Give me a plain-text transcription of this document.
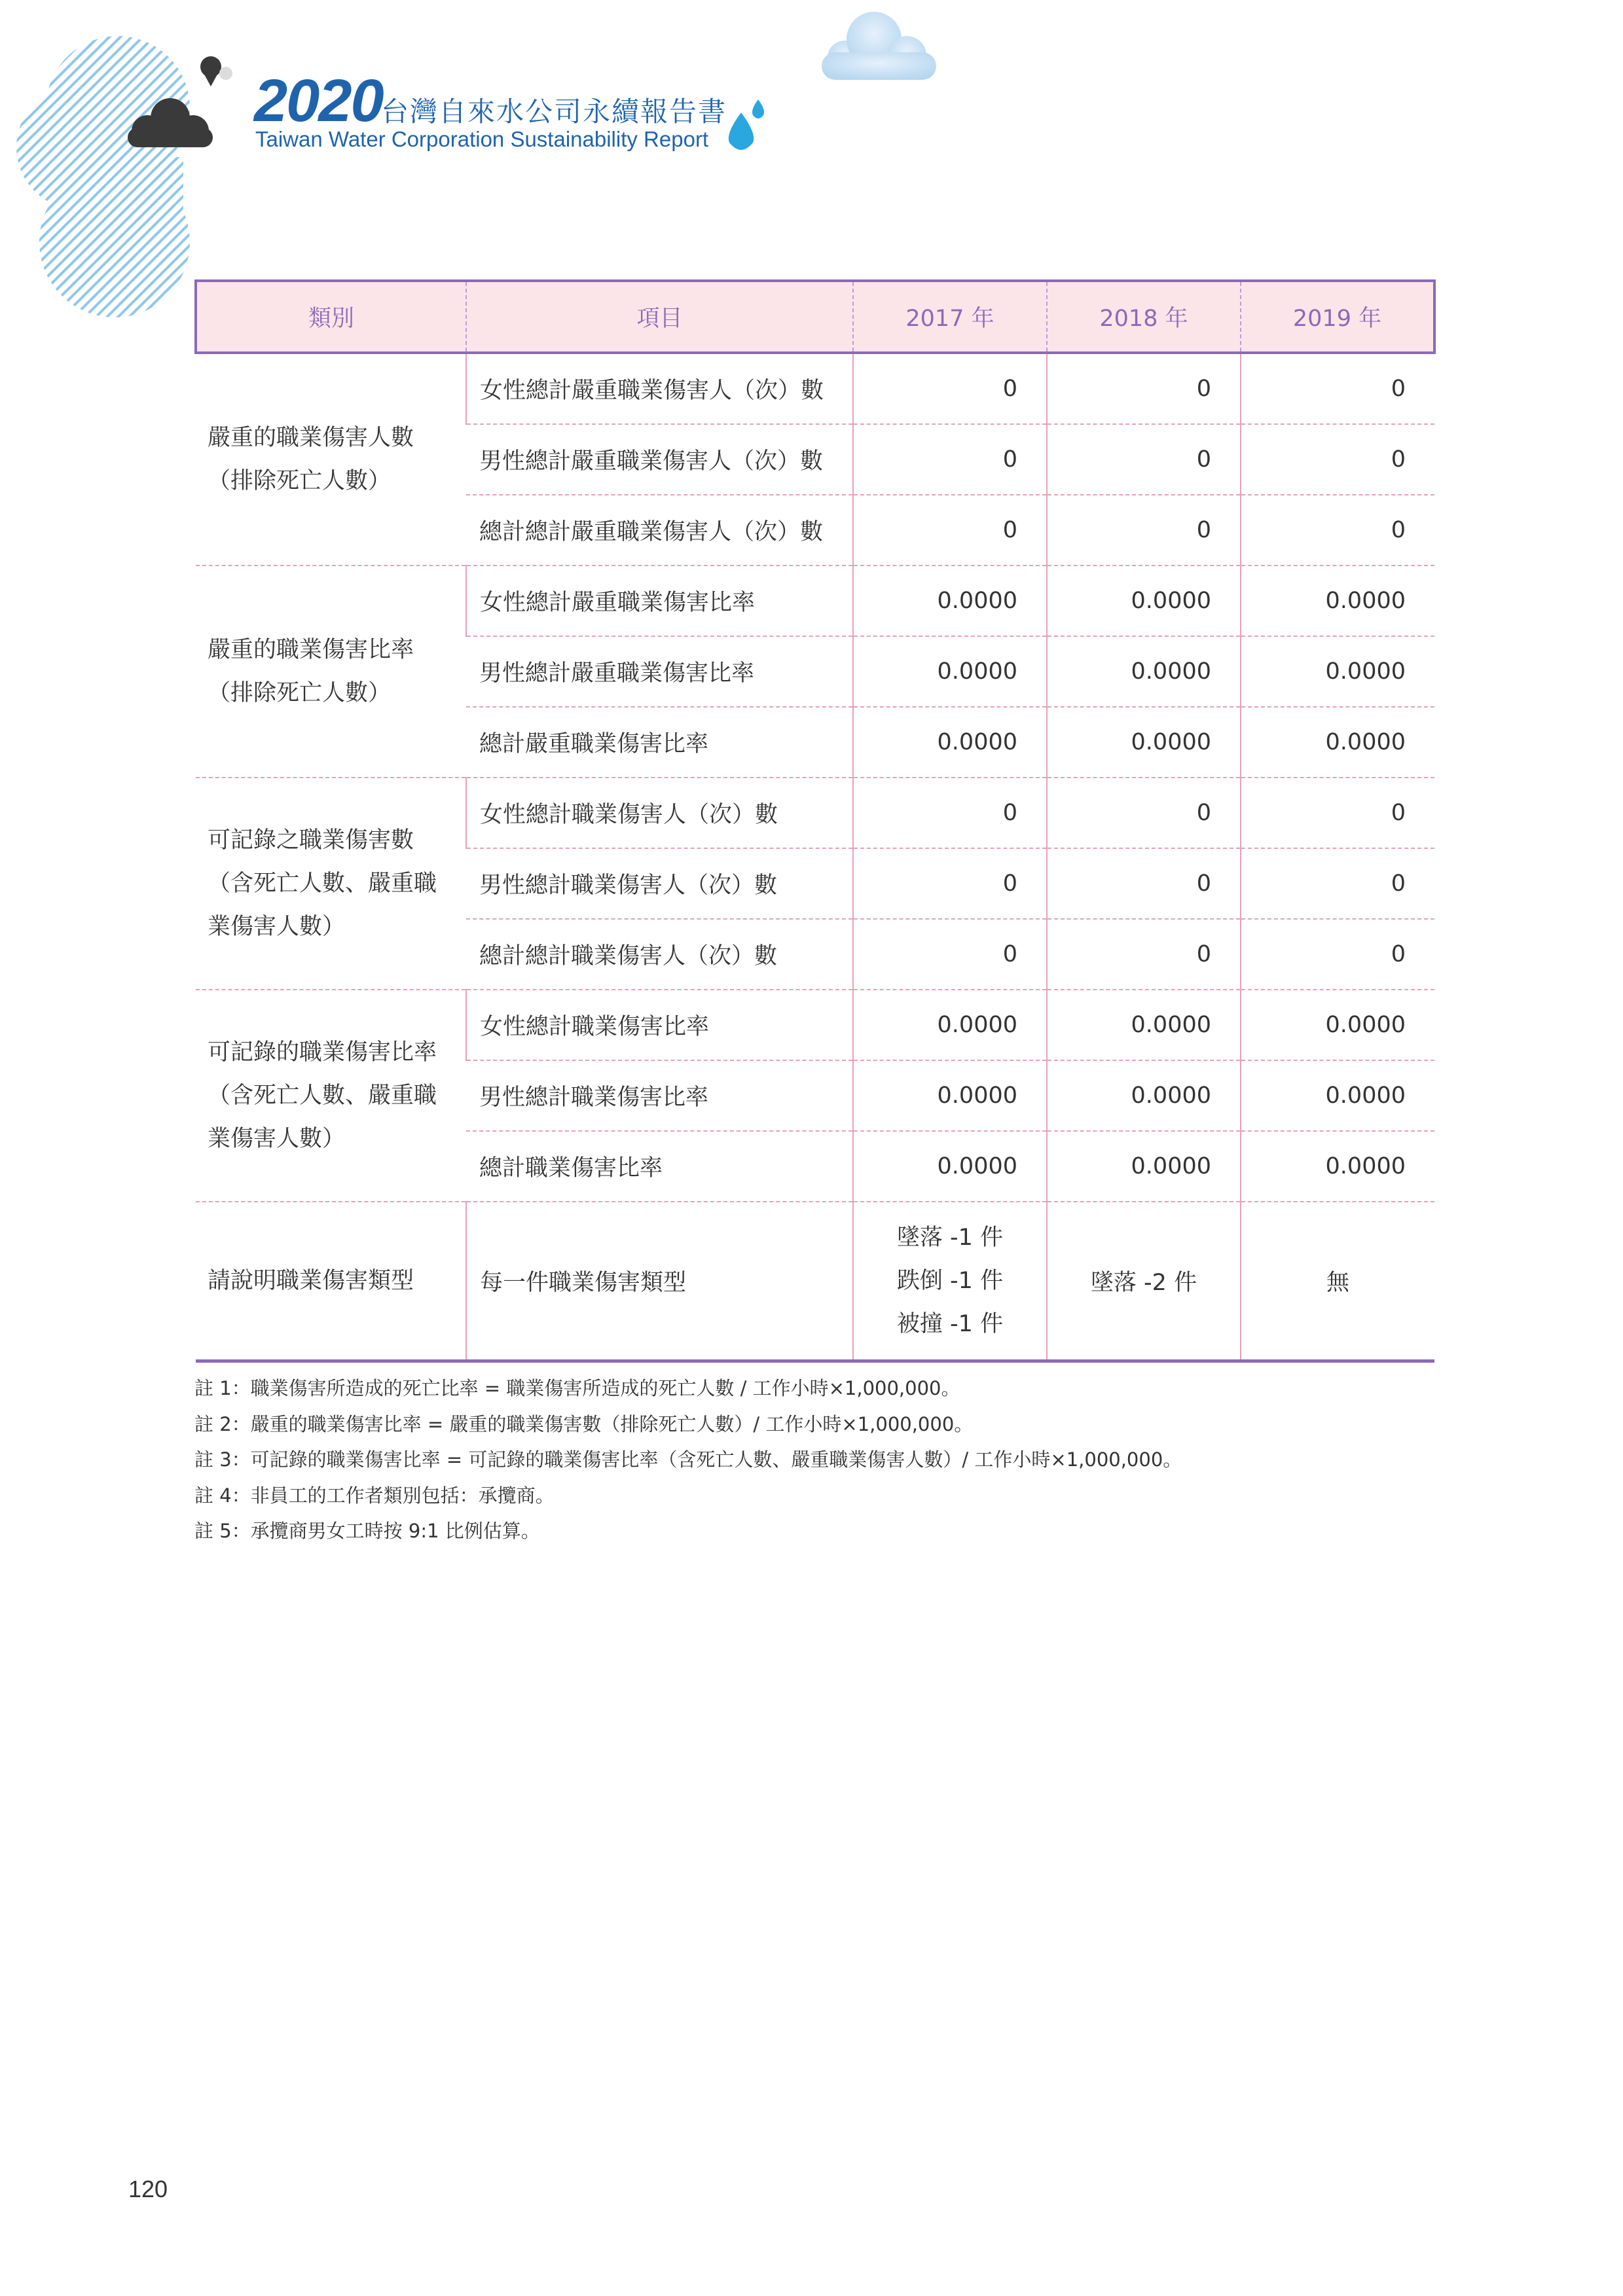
2020
台灣自來水公司永續報告書
Taiwan Water Corporation Sustainability Report
類別	項目	2017 年	2018 年	2019 年
嚴重的職業傷害人數（排除死亡人數）	女性總計嚴重職業傷害人（次）數	0	0	0
	男性總計嚴重職業傷害人（次）數	0	0	0
	總計總計嚴重職業傷害人（次）數	0	0	0
嚴重的職業傷害比率（排除死亡人數）	女性總計嚴重職業傷害比率	0.0000	0.0000	0.0000
	男性總計嚴重職業傷害比率	0.0000	0.0000	0.0000
	總計嚴重職業傷害比率	0.0000	0.0000	0.0000
可記錄之職業傷害數（含死亡人數、嚴重職業傷害人數）	女性總計職業傷害人（次）數	0	0	0
	男性總計職業傷害人（次）數	0	0	0
	總計總計職業傷害人（次）數	0	0	0
可記錄的職業傷害比率（含死亡人數、嚴重職業傷害人數）	女性總計職業傷害比率	0.0000	0.0000	0.0000
	男性總計職業傷害比率	0.0000	0.0000	0.0000
	總計職業傷害比率	0.0000	0.0000	0.0000
請說明職業傷害類型	每一件職業傷害類型	墜落 -1 件
跌倒 -1 件
被撞 -1 件	墜落 -2 件	無
註 1：職業傷害所造成的死亡比率 = 職業傷害所造成的死亡人數 / 工作小時×1,000,000。
註 2：嚴重的職業傷害比率 = 嚴重的職業傷害數（排除死亡人數）/ 工作小時×1,000,000。
註 3：可記錄的職業傷害比率 = 可記錄的職業傷害比率（含死亡人數、嚴重職業傷害人數）/ 工作小時×1,000,000。
註 4：非員工的工作者類別包括：承攬商。
註 5：承攬商男女工時按 9:1 比例估算。
120
